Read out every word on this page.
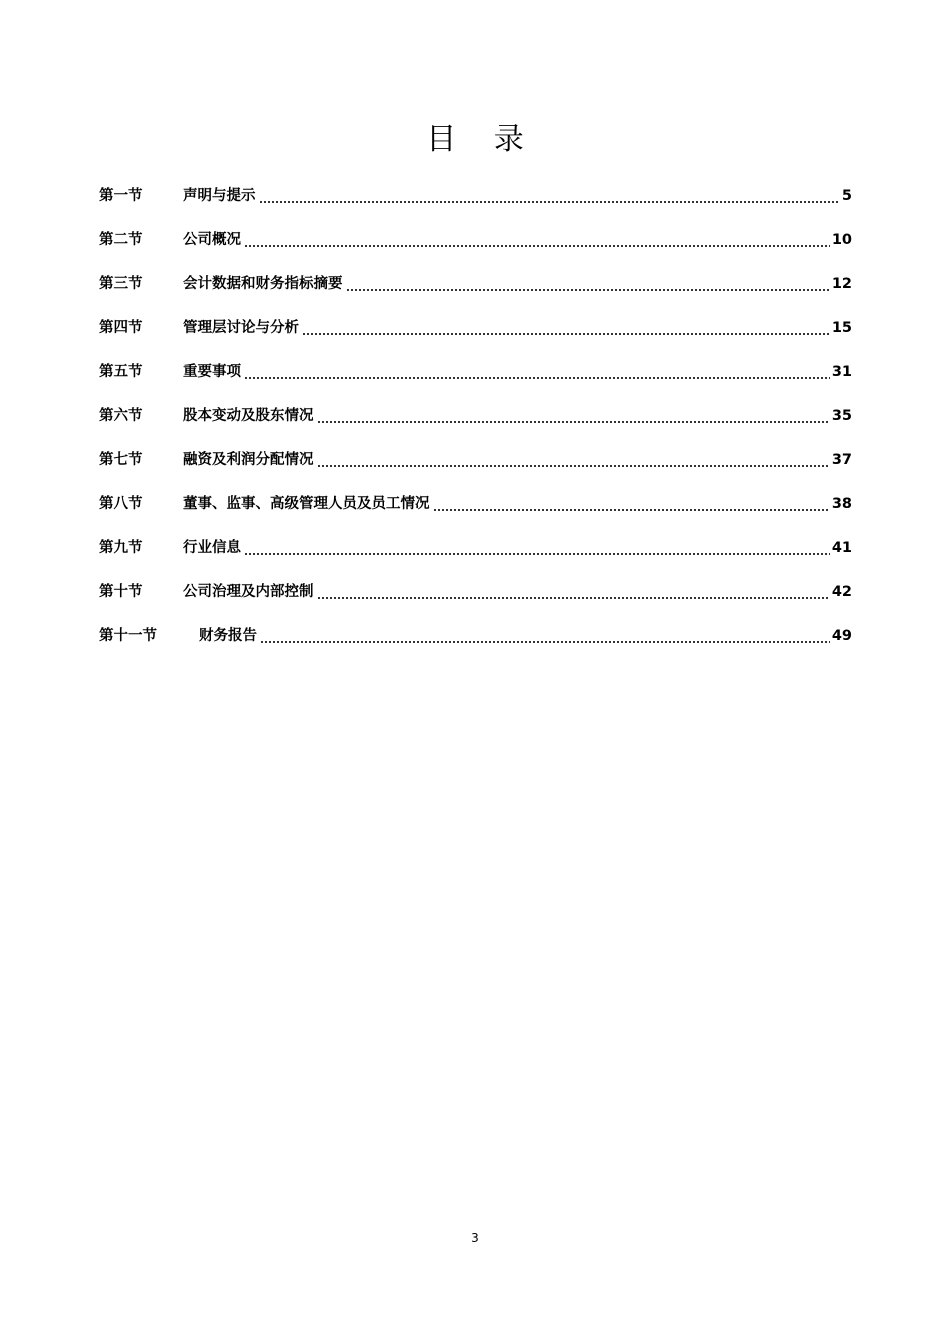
目 录
第一节	声明与提示	5
第二节	公司概况	10
第三节	会计数据和财务指标摘要	12
第四节	管理层讨论与分析	15
第五节	重要事项	31
第六节	股本变动及股东情况	35
第七节	融资及利润分配情况	37
第八节	董事、监事、高级管理人员及员工情况	38
第九节	行业信息	41
第十节	公司治理及内部控制	42
第十一节	财务报告	49
3
